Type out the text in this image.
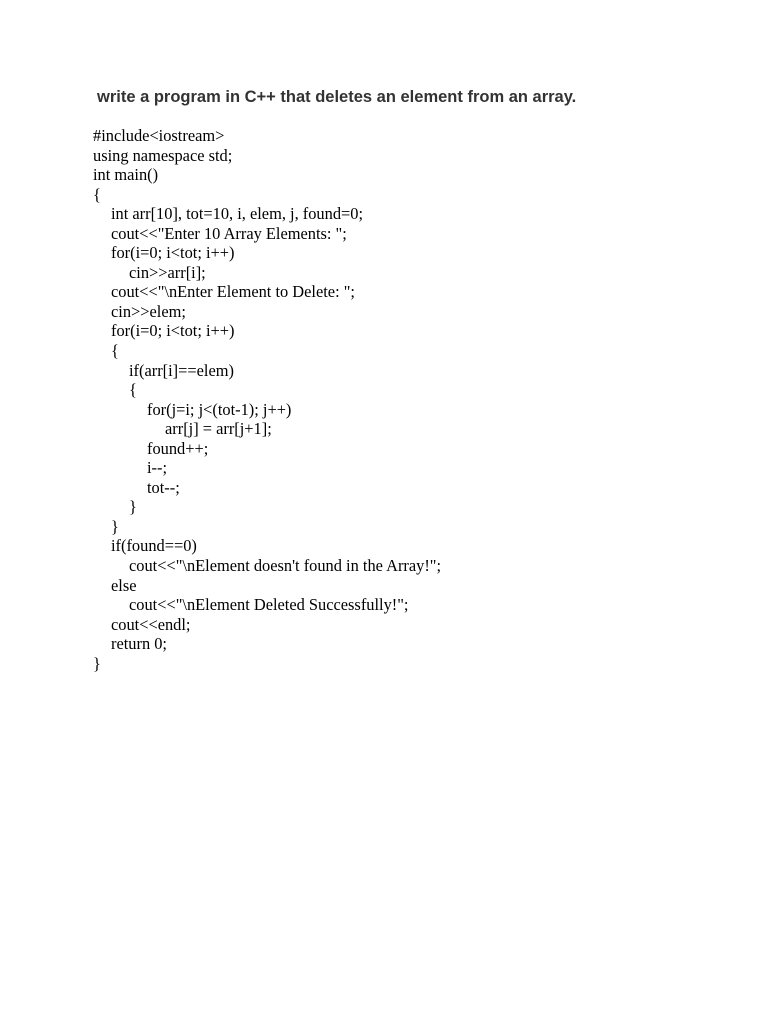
write a program in C++ that deletes an element from an array.
#include<iostream>
using namespace std;
int main()
{
int arr[10], tot=10, i, elem, j, found=0;
cout<<"Enter 10 Array Elements: ";
for(i=0; i<tot; i++)
cin>>arr[i];
cout<<"\nEnter Element to Delete: ";
cin>>elem;
for(i=0; i<tot; i++)
{
if(arr[i]==elem)
{
for(j=i; j<(tot-1); j++)
arr[j] = arr[j+1];
found++;
i--;
tot--;
}
}
if(found==0)
cout<<"\nElement doesn't found in the Array!";
else
cout<<"\nElement Deleted Successfully!";
cout<<endl;
return 0;
}
